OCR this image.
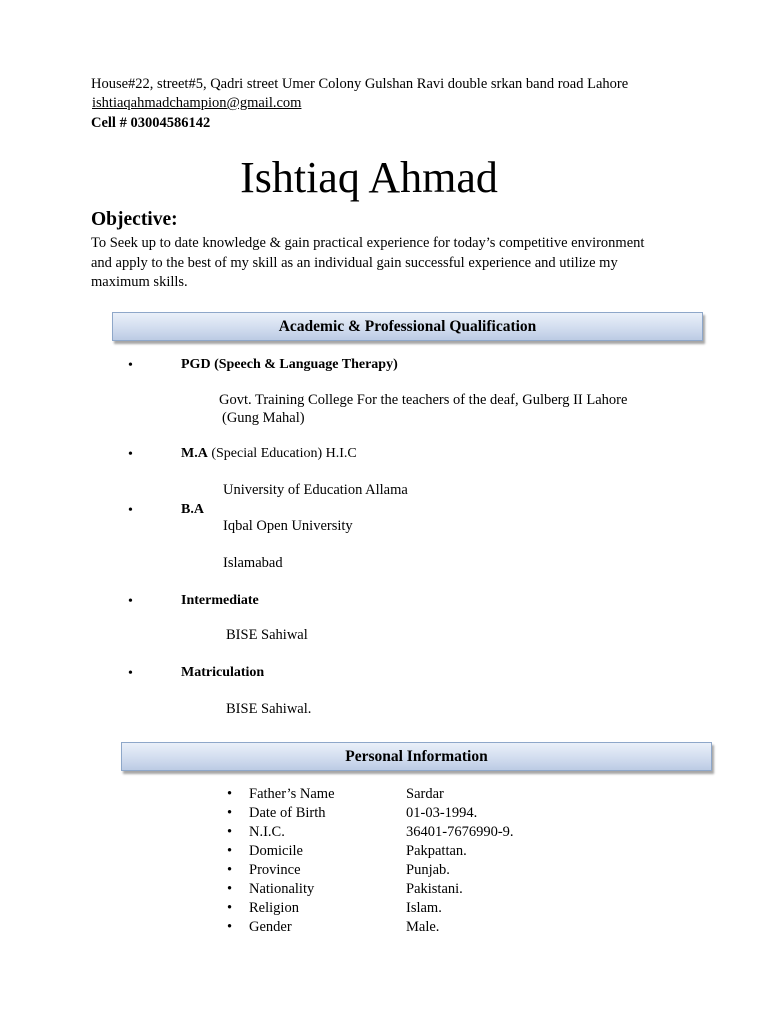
House#22, street#5, Qadri street Umer Colony Gulshan Ravi double srkan band road Lahore
ishtiaqahmadchampion@gmail.com
Cell # 03004586142
Ishtiaq Ahmad
Objective:
To Seek up to date knowledge & gain practical experience for today’s competitive environment
and apply to the best of my skill as an individual gain successful experience and utilize my
maximum skills.
Academic & Professional Qualification
•	PGD (Speech & Language Therapy)
Govt. Training College For the teachers of the deaf, Gulberg II Lahore
(Gung Mahal)
•	M.A (Special Education) H.I.C
University of Education Allama
•	B.A
Iqbal Open University
Islamabad
•	Intermediate
BISE Sahiwal
•	Matriculation
BISE Sahiwal.
Personal Information
• Father’s Name	Sardar
• Date of Birth	01-03-1994.
• N.I.C.	36401-7676990-9.
• Domicile	Pakpattan.
• Province	Punjab.
• Nationality	Pakistani.
• Religion	Islam.
• Gender	Male.
